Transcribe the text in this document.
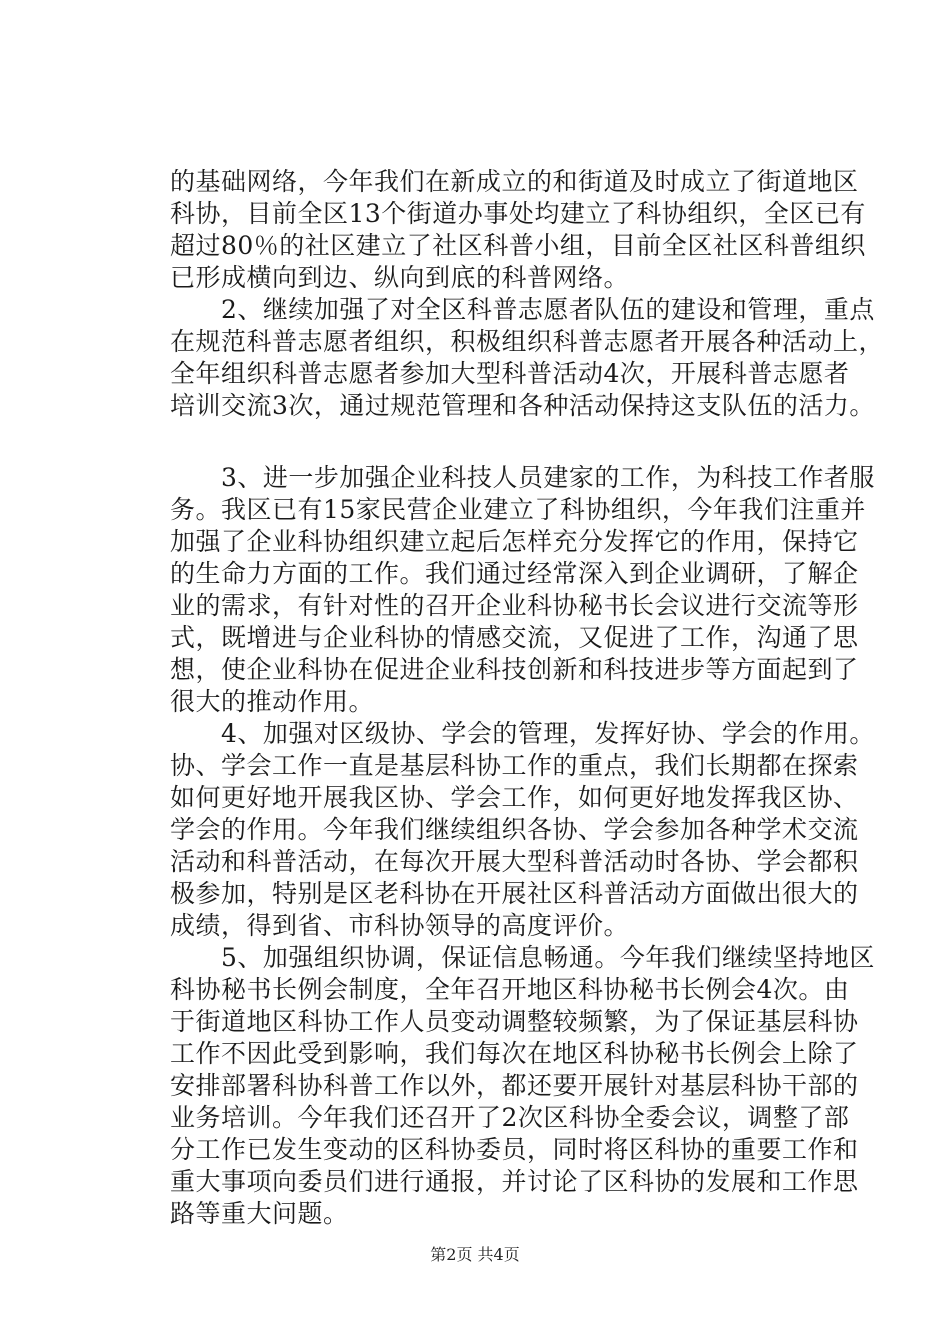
的基础网络，今年我们在新成立的和街道及时成立了街道地区
科协，目前全区13个街道办事处均建立了科协组织，全区已有
超过80％的社区建立了社区科普小组，目前全区社区科普组织
已形成横向到边、纵向到底的科普网络。
　　2、继续加强了对全区科普志愿者队伍的建设和管理，重点
在规范科普志愿者组织，积极组织科普志愿者开展各种活动上，
全年组织科普志愿者参加大型科普活动4次，开展科普志愿者
培训交流3次，通过规范管理和各种活动保持这支队伍的活力。
　　3、进一步加强企业科技人员建家的工作，为科技工作者服
务。我区已有15家民营企业建立了科协组织，今年我们注重并
加强了企业科协组织建立起后怎样充分发挥它的作用，保持它
的生命力方面的工作。我们通过经常深入到企业调研，了解企
业的需求，有针对性的召开企业科协秘书长会议进行交流等形
式，既增进与企业科协的情感交流，又促进了工作，沟通了思
想，使企业科协在促进企业科技创新和科技进步等方面起到了
很大的推动作用。
　　4、加强对区级协、学会的管理，发挥好协、学会的作用。
协、学会工作一直是基层科协工作的重点，我们长期都在探索
如何更好地开展我区协、学会工作，如何更好地发挥我区协、
学会的作用。今年我们继续组织各协、学会参加各种学术交流
活动和科普活动，在每次开展大型科普活动时各协、学会都积
极参加，特别是区老科协在开展社区科普活动方面做出很大的
成绩，得到省、市科协领导的高度评价。
　　5、加强组织协调，保证信息畅通。今年我们继续坚持地区
科协秘书长例会制度，全年召开地区科协秘书长例会4次。由
于街道地区科协工作人员变动调整较频繁，为了保证基层科协
工作不因此受到影响，我们每次在地区科协秘书长例会上除了
安排部署科协科普工作以外，都还要开展针对基层科协干部的
业务培训。今年我们还召开了2次区科协全委会议，调整了部
分工作已发生变动的区科协委员，同时将区科协的重要工作和
重大事项向委员们进行通报，并讨论了区科协的发展和工作思
路等重大问题。
第2页 共4页
